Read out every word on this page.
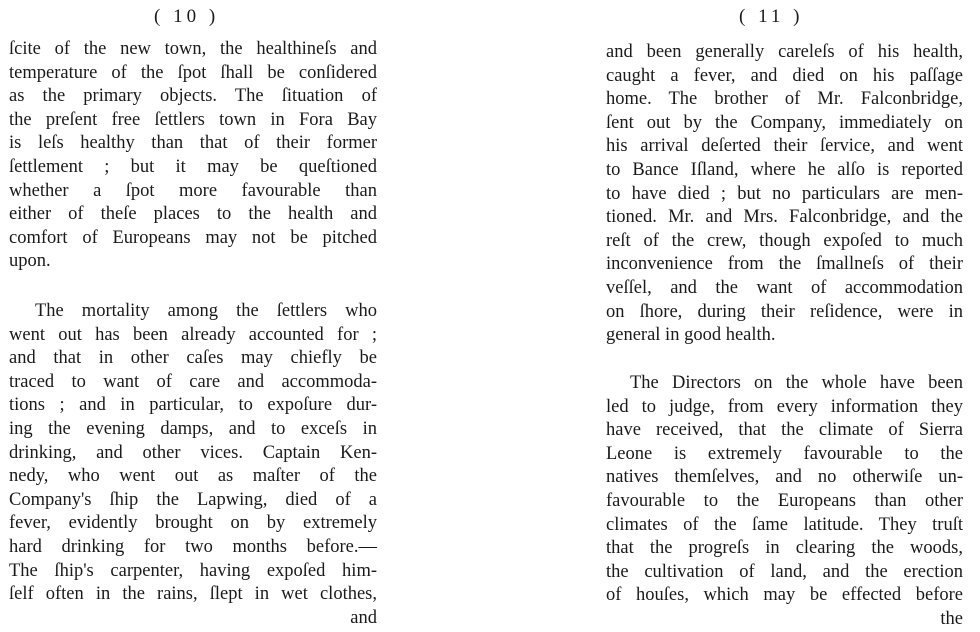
( 10 )
ſcite of the new town, the healthineſs and
temperature of the ſpot ſhall be conſidered
as the primary objects. The ſituation of
the preſent free ſettlers town in Fora Bay
is leſs healthy than that of their former
ſettlement ; but it may be queſtioned
whether a ſpot more favourable than
either of theſe places to the health and
comfort of Europeans may not be pitched
upon.
The mortality among the ſettlers who
went out has been already accounted for ;
and that in other caſes may chiefly be
traced to want of care and accommoda-
tions ; and in particular, to expoſure dur-
ing the evening damps, and to exceſs in
drinking, and other vices. Captain Ken-
nedy, who went out as maſter of the
Company's ſhip the Lapwing, died of a
fever, evidently brought on by extremely
hard drinking for two months before.—
The ſhip's carpenter, having expoſed him-
ſelf often in the rains, ſlept in wet clothes,
and
( 11 )
and been generally careleſs of his health,
caught a fever, and died on his paſſage
home. The brother of Mr. Falconbridge,
ſent out by the Company, immediately on
his arrival deſerted their ſervice, and went
to Bance Iſland, where he alſo is reported
to have died ; but no particulars are men-
tioned. Mr. and Mrs. Falconbridge, and the
reſt of the crew, though expoſed to much
inconvenience from the ſmallneſs of their
veſſel, and the want of accommodation
on ſhore, during their reſidence, were in
general in good health.
The Directors on the whole have been
led to judge, from every information they
have received, that the climate of Sierra
Leone is extremely favourable to the
natives themſelves, and no otherwiſe un-
favourable to the Europeans than other
climates of the ſame latitude. They truſt
that the progreſs in clearing the woods,
the cultivation of land, and the erection
of houſes, which may be effected before
the
